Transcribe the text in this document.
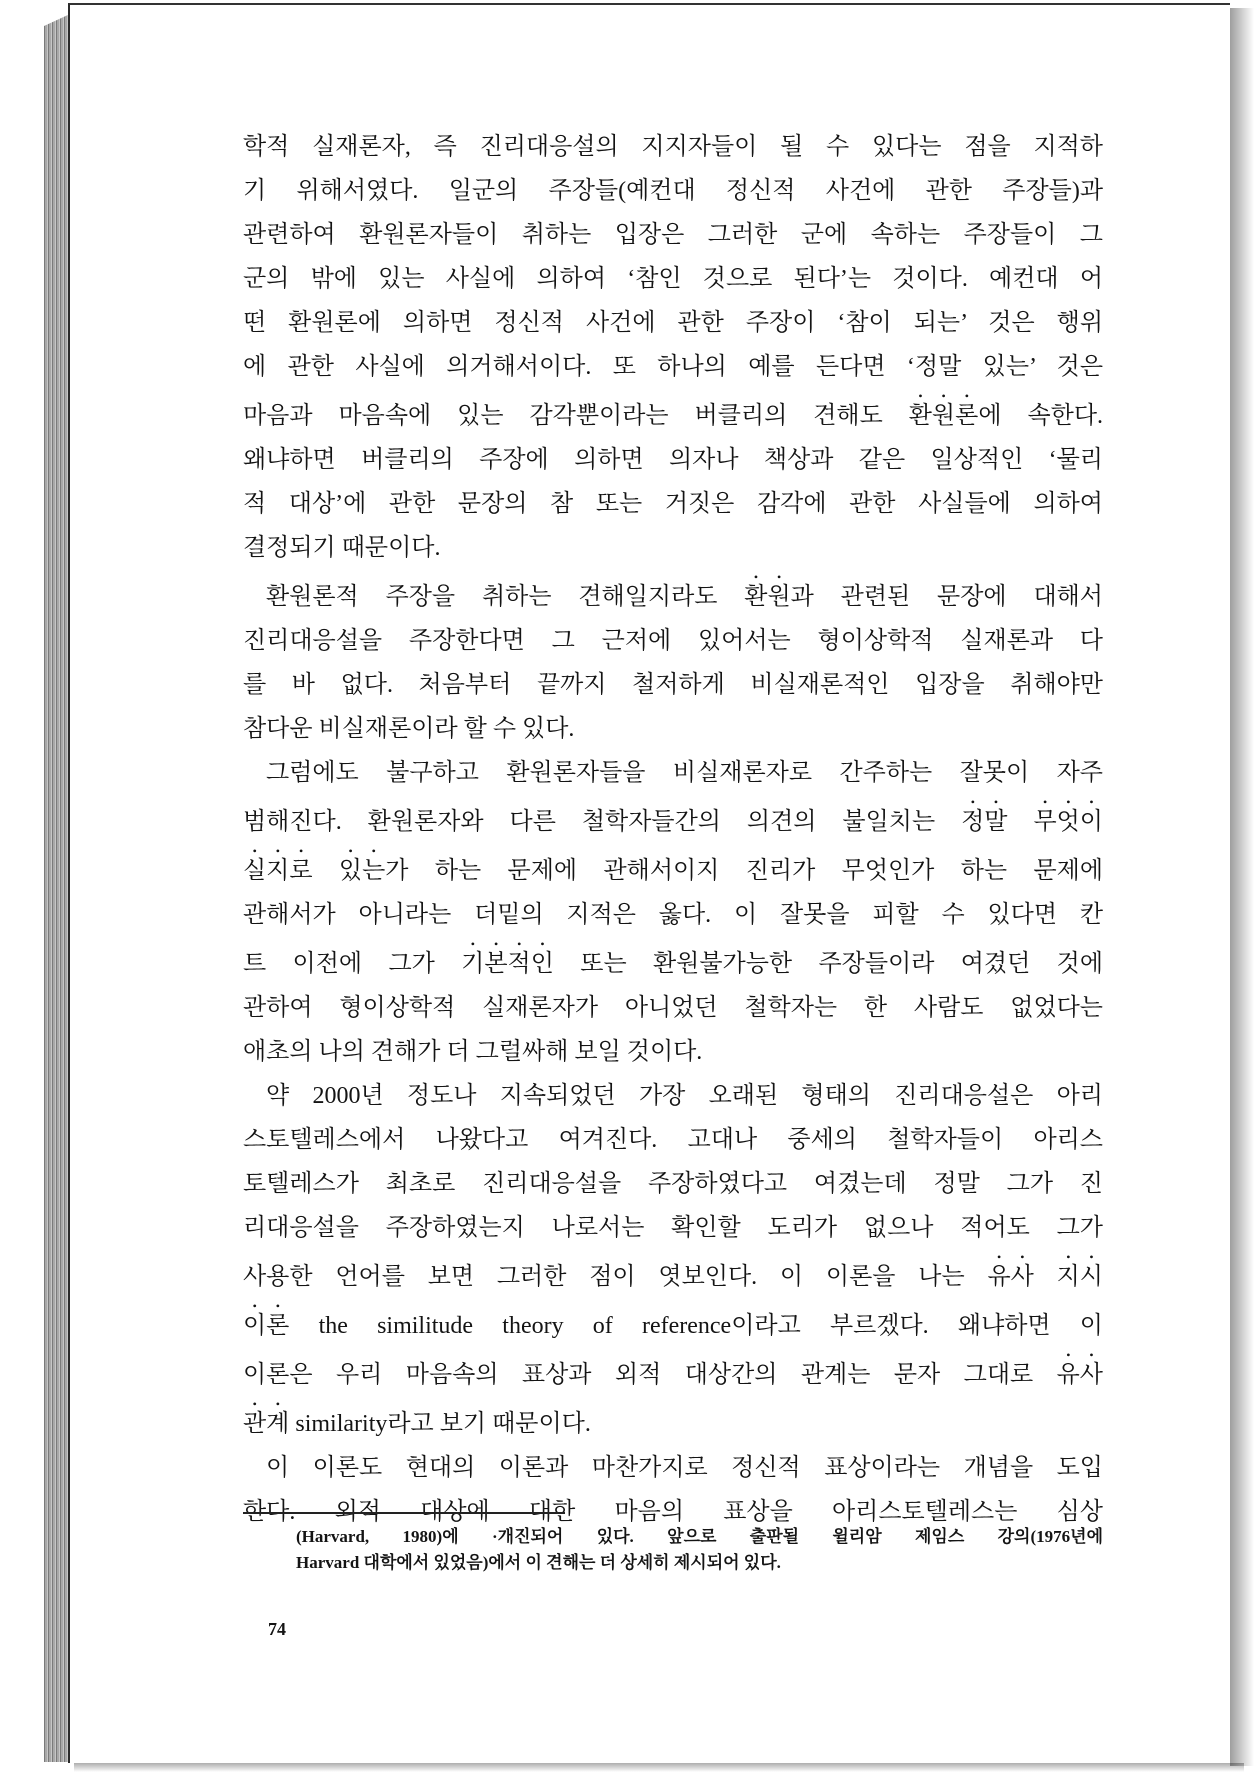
학적 실재론자, 즉 진리대응설의 지지자들이 될 수 있다는 점을 지적하
기 위해서였다. 일군의 주장들(예컨대 정신적 사건에 관한 주장들)과
관련하여 환원론자들이 취하는 입장은 그러한 군에 속하는 주장들이 그
군의 밖에 있는 사실에 의하여 ‘참인 것으로 된다’는 것이다. 예컨대 어
떤 환원론에 의하면 정신적 사건에 관한 주장이 ‘참이 되는’ 것은 행위
에 관한 사실에 의거해서이다. 또 하나의 예를 든다면 ‘정말 있는’ 것은
마음과 마음속에 있는 감각뿐이라는 버클리의 견해도 환원론에 속한다.
왜냐하면 버클리의 주장에 의하면 의자나 책상과 같은 일상적인 ‘물리
적 대상’에 관한 문장의 참 또는 거짓은 감각에 관한 사실들에 의하여
결정되기 때문이다.
환원론적 주장을 취하는 견해일지라도 환원과 관련된 문장에 대해서
진리대응설을 주장한다면 그 근저에 있어서는 형이상학적 실재론과 다
를 바 없다. 처음부터 끝까지 철저하게 비실재론적인 입장을 취해야만
참다운 비실재론이라 할 수 있다.
그럼에도 불구하고 환원론자들을 비실재론자로 간주하는 잘못이 자주
범해진다. 환원론자와 다른 철학자들간의 의견의 불일치는 정말 무엇이
실지로 있는가 하는 문제에 관해서이지 진리가 무엇인가 하는 문제에
관해서가 아니라는 더밑의 지적은 옳다. 이 잘못을 피할 수 있다면 칸
트 이전에 그가 기본적인 또는 환원불가능한 주장들이라 여겼던 것에
관하여 형이상학적 실재론자가 아니었던 철학자는 한 사람도 없었다는
애초의 나의 견해가 더 그럴싸해 보일 것이다.
약 2000년 정도나 지속되었던 가장 오래된 형태의 진리대응설은 아리
스토텔레스에서 나왔다고 여겨진다. 고대나 중세의 철학자들이 아리스
토텔레스가 최초로 진리대응설을 주장하였다고 여겼는데 정말 그가 진
리대응설을 주장하였는지 나로서는 확인할 도리가 없으나 적어도 그가
사용한 언어를 보면 그러한 점이 엿보인다. 이 이론을 나는 유사 지시
이론 the similitude theory of reference이라고 부르겠다. 왜냐하면 이
이론은 우리 마음속의 표상과 외적 대상간의 관계는 문자 그대로 유사
관계 similarity라고 보기 때문이다.
이 이론도 현대의 이론과 마찬가지로 정신적 표상이라는 개념을 도입
한다. 외적 대상에 대한 마음의 표상을 아리스토텔레스는 심상
(Harvard, 1980)에 ·개진되어 있다. 앞으로 출판될 윌리암 제임스 강의(1976년에
Harvard 대학에서 있었음)에서 이 견해는 더 상세히 제시되어 있다.
74
